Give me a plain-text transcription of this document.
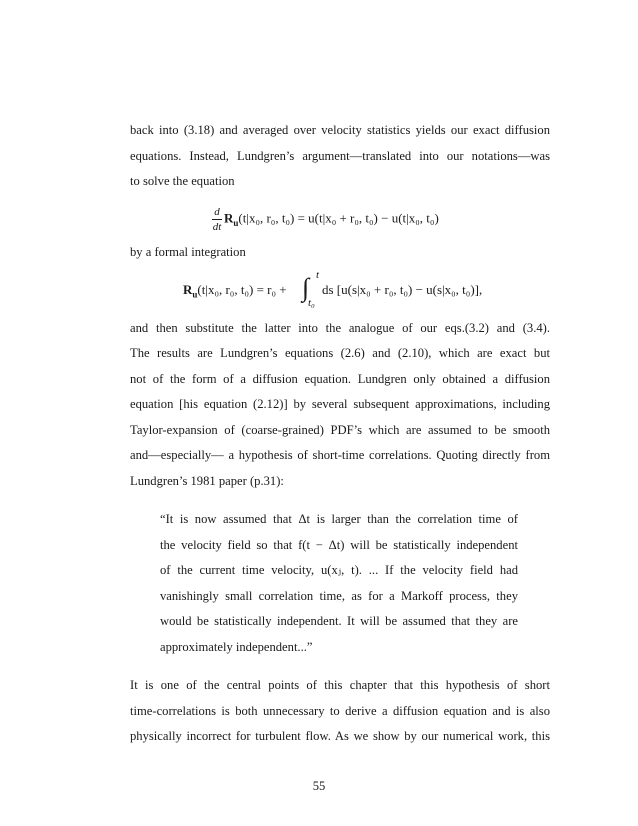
back into (3.18) and averaged over velocity statistics yields our exact diffusion
equations. Instead, Lundgren’s argument—translated into our notations—was
to solve the equation
$\frac{d}{dt} R_u(t|x_0$, r₀, t₀) = u(t|x₀ + r₀, t₀) − u(t|x₀, t₀)
by a formal integration
$R_u(t|x_0$, r₀, t₀) = r₀ + ∫ t
t₀
ds [u(s|x₀ + r₀, t₀) − u(s|x₀, t₀)],
and then substitute the latter into the analogue of our eqs.(3.2) and (3.4).
The results are Lundgren’s equations (2.6) and (2.10), which are exact but
not of the form of a diffusion equation. Lundgren only obtained a diffusion
equation [his equation (2.12)] by several subsequent approximations, including
Taylor-expansion of (coarse-grained) PDF’s which are assumed to be smooth
and—especially— a hypothesis of short-time correlations. Quoting directly from
Lundgren’s 1981 paper (p.31):
“It is now assumed that Δt is larger than the correlation time of
the velocity field so that f(t − Δt) will be statistically independent
of the current time velocity, u(xⱼ, t). ... If the velocity field had
vanishingly small correlation time, as for a Markoff process, they
would be statistically independent. It will be assumed that they are
approximately independent...”
It is one of the central points of this chapter that this hypothesis of short
time-correlations is both unnecessary to derive a diffusion equation and is also
physically incorrect for turbulent flow. As we show by our numerical work, this
55
